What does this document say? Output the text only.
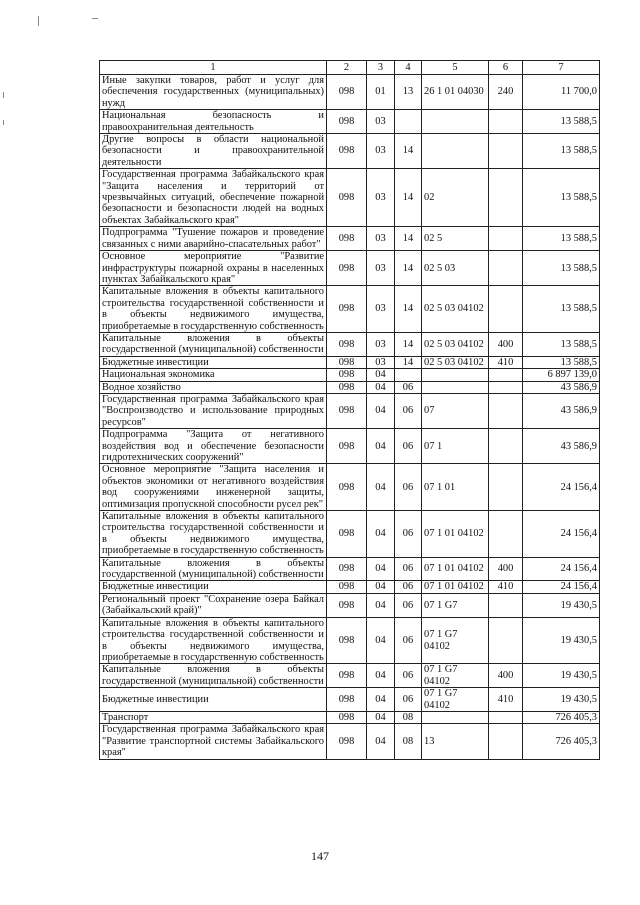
1	2	3	4	5	6	7
Иные закупки товаров, работ и услуг для обеспечения государственных (муниципальных) нужд	098	01	13	26 1 01 04030	240	11 700,0
Национальная безопасность и правоохранительная деятельность	098	03				13 588,5
Другие вопросы в области национальной безопасности и правоохранительной деятельности	098	03	14			13 588,5
Государственная программа Забайкальского края "Защита населения и территорий от чрезвычайных ситуаций, обеспечение пожарной безопасности и безопасности людей на водных объектах Забайкальского края"	098	03	14	02		13 588,5
Подпрограмма "Тушение пожаров и проведение связанных с ними аварийно-спасательных работ"	098	03	14	02 5		13 588,5
Основное мероприятие "Развитие инфраструктуры пожарной охраны в населенных пунктах Забайкальского края"	098	03	14	02 5 03		13 588,5
Капитальные вложения в объекты капитального строительства государственной собственности и в объекты недвижимого имущества, приобретаемые в государственную собственность	098	03	14	02 5 03 04102		13 588,5
Капитальные вложения в объекты государственной (муниципальной) собственности	098	03	14	02 5 03 04102	400	13 588,5
Бюджетные инвестиции	098	03	14	02 5 03 04102	410	13 588,5
Национальная экономика	098	04				6 897 139,0
Водное хозяйство	098	04	06			43 586,9
Государственная программа Забайкальского края "Воспроизводство и использование природных ресурсов"	098	04	06	07		43 586,9
Подпрограмма "Защита от негативного воздействия вод и обеспечение безопасности гидротехнических сооружений"	098	04	06	07 1		43 586,9
Основное мероприятие "Защита населения и объектов экономики от негативного воздействия вод сооружениями инженерной защиты, оптимизация пропускной способности русел рек"	098	04	06	07 1 01		24 156,4
Капитальные вложения в объекты капитального строительства государственной собственности и в объекты недвижимого имущества, приобретаемые в государственную собственность	098	04	06	07 1 01 04102		24 156,4
Капитальные вложения в объекты государственной (муниципальной) собственности	098	04	06	07 1 01 04102	400	24 156,4
Бюджетные инвестиции	098	04	06	07 1 01 04102	410	24 156,4
Региональный проект "Сохранение озера Байкал (Забайкальский край)"	098	04	06	07 1 G7		19 430,5
Капитальные вложения в объекты капитального строительства государственной собственности и в объекты недвижимого имущества, приобретаемые в государственную собственность	098	04	06	07 1 G7 04102		19 430,5
Капитальные вложения в объекты государственной (муниципальной) собственности	098	04	06	07 1 G7 04102	400	19 430,5
Бюджетные инвестиции	098	04	06	07 1 G7 04102	410	19 430,5
Транспорт	098	04	08			726 405,3
Государственная программа Забайкальского края "Развитие транспортной системы Забайкальского края"	098	04	08	13		726 405,3
147
